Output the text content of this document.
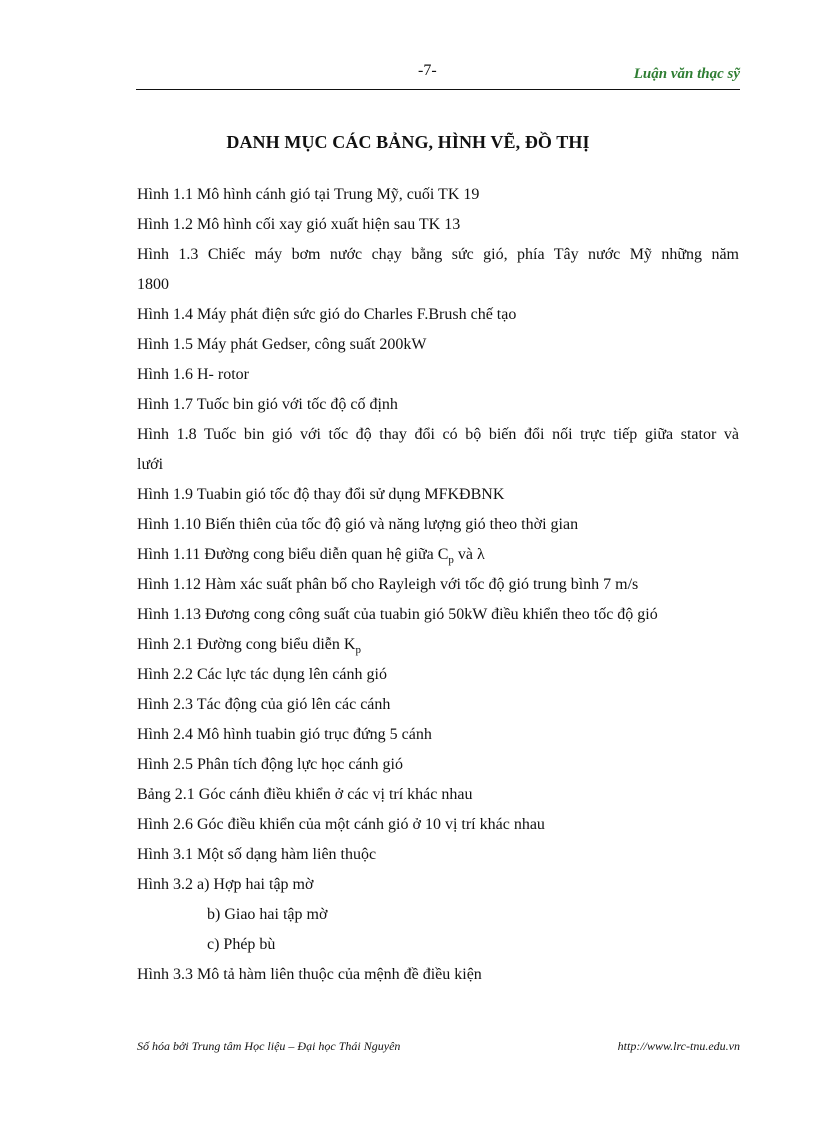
-7-	Luận văn thạc sỹ
DANH MỤC CÁC BẢNG, HÌNH VẼ, ĐỒ THỊ
Hình 1.1 Mô hình cánh gió tại Trung Mỹ, cuối TK 19
Hình 1.2 Mô hình cối xay gió xuất hiện sau TK 13
Hình 1.3 Chiếc máy bơm nước chạy bằng sức gió, phía Tây nước Mỹ những năm
1800
Hình 1.4 Máy phát điện sức gió do Charles F.Brush chế tạo
Hình 1.5 Máy phát Gedser, công suất 200kW
Hình 1.6 H- rotor
Hình 1.7 Tuốc bin gió với tốc độ cố định
Hình 1.8 Tuốc bin gió với tốc độ thay đổi có bộ biến đổi nối trực tiếp giữa stator và
lưới
Hình 1.9 Tuabin gió tốc độ thay đổi sử dụng MFKĐBNK
Hình 1.10 Biến thiên của tốc độ gió và năng lượng gió theo thời gian
Hình 1.11 Đường cong biểu diễn quan hệ giữa $C_p$ và λ
Hình 1.12 Hàm xác suất phân bố cho Rayleigh với tốc độ gió trung bình 7 m/s
Hình 1.13 Đương cong công suất của tuabin gió 50kW điều khiển theo tốc độ gió
Hình 2.1 Đường cong biểu diễn $K_p$
Hình 2.2 Các lực tác dụng lên cánh gió
Hình 2.3 Tác động của gió lên các cánh
Hình 2.4 Mô hình tuabin gió trục đứng 5 cánh
Hình 2.5 Phân tích động lực học cánh gió
Bảng 2.1 Góc cánh điều khiển ở các vị trí khác nhau
Hình 2.6 Góc điều khiển của một cánh gió ở 10 vị trí khác nhau
Hình 3.1 Một số dạng hàm liên thuộc
Hình 3.2 a) Hợp hai tập mờ
b) Giao hai tập mờ
c) Phép bù
Hình 3.3 Mô tả hàm liên thuộc của mệnh đề điều kiện
Số hóa bởi Trung tâm Học liệu – Đại học Thái Nguyên	http://www.lrc-tnu.edu.vn
